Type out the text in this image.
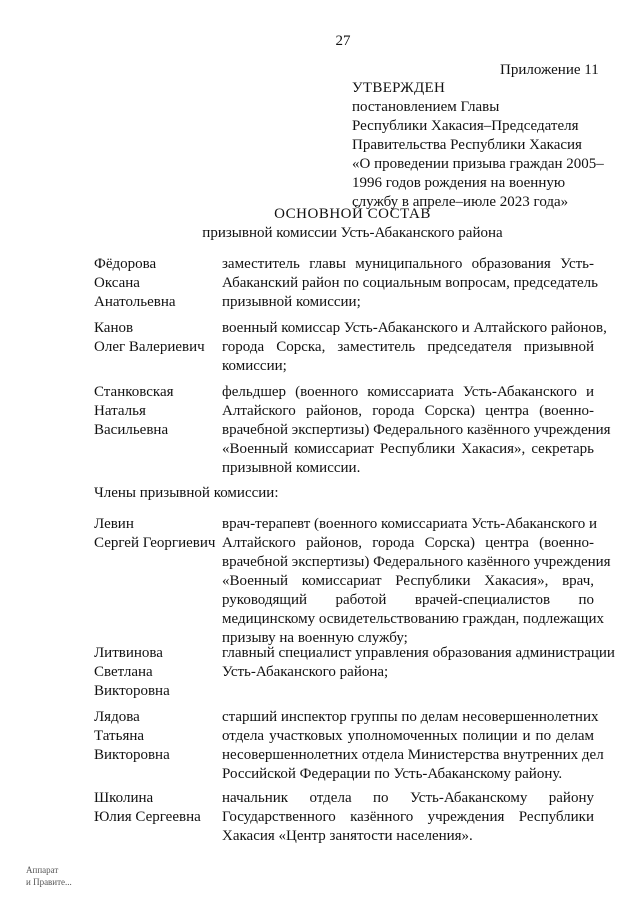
27
Приложение 11
УТВЕРЖДЕН
постановлением Главы
Республики Хакасия–Председателя
Правительства Республики Хакасия
«О проведении призыва граждан 2005–
1996 годов рождения на военную
службу в апреле–июле 2023 года»
ОСНОВНОЙ СОСТАВ
призывной комиссии Усть-Абаканского района
Фёдорова
Оксана
Анатольевна
заместитель главы муниципального образования Усть-
Абаканский район по социальным вопросам, председатель
призывной комиссии;
Канов
Олег Валериевич
военный комиссар Усть-Абаканского и Алтайского районов,
города Сорска, заместитель председателя призывной
комиссии;
Станковская
Наталья
Васильевна
фельдшер (военного комиссариата Усть-Абаканского и
Алтайского районов, города Сорска) центра (военно-
врачебной экспертизы) Федерального казённого учреждения
«Военный комиссариат Республики Хакасия», секретарь
призывной комиссии.
Члены призывной комиссии:
Левин
Сергей Георгиевич
врач-терапевт (военного комиссариата Усть-Абаканского и
Алтайского районов, города Сорска) центра (военно-
врачебной экспертизы) Федерального казённого учреждения
«Военный комиссариат Республики Хакасия», врач,
руководящий работой врачей-специалистов по
медицинскому освидетельствованию граждан, подлежащих
призыву на военную службу;
Литвинова
Светлана
Викторовна
главный специалист управления образования администрации
Усть-Абаканского района;
Лядова
Татьяна
Викторовна
старший инспектор группы по делам несовершеннолетних
отдела участковых уполномоченных полиции и по делам
несовершеннолетних отдела Министерства внутренних дел
Российской Федерации по Усть-Абаканскому району.
Школина
Юлия Сергеевна
начальник отдела по Усть-Абаканскому району
Государственного казённого учреждения Республики
Хакасия «Центр занятости населения».
Аппарат
и Правите...
